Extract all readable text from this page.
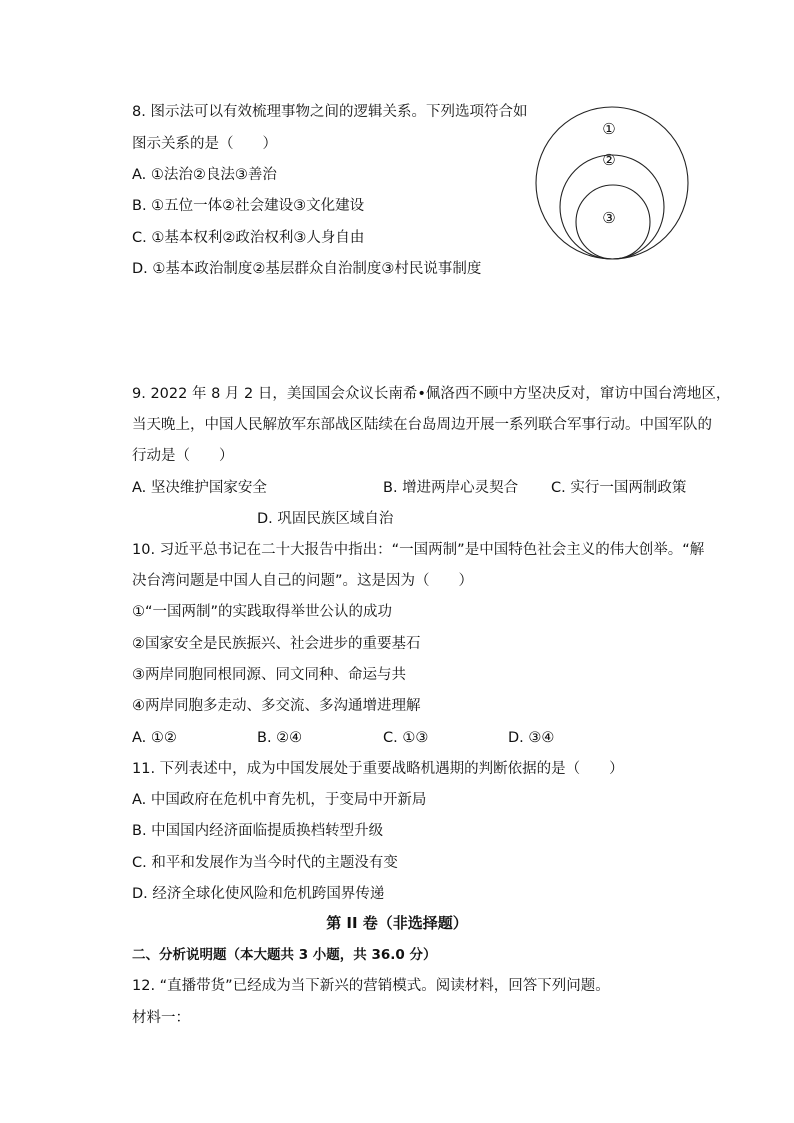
8. 图示法可以有效梳理事物之间的逻辑关系。下列选项符合如
图示关系的是（　　）
A. ①法治②良法③善治
B. ①五位一体②社会建设③文化建设
C. ①基本权利②政治权利③人身自由
D. ①基本政治制度②基层群众自治制度③村民说事制度
①
②
③
9. 2022 年 8 月 2 日，美国国会众议长南希•佩洛西不顾中方坚决反对，窜访中国台湾地区，
当天晚上，中国人民解放军东部战区陆续在台岛周边开展一系列联合军事行动。中国军队的
行动是（　　）
A. 坚决维护国家安全	B. 增进两岸心灵契合 C. 实行一国两制政策
D. 巩固民族区域自治
10. 习近平总书记在二十大报告中指出：“一国两制”是中国特色社会主义的伟大创举。“解
决台湾问题是中国人自己的问题”。这是因为（　　）
①“一国两制”的实践取得举世公认的成功
②国家安全是民族振兴、社会进步的重要基石
③两岸同胞同根同源、同文同种、命运与共
④两岸同胞多走动、多交流、多沟通增进理解
A. ①②	B. ②④	C. ①③	D. ③④
11. 下列表述中，成为中国发展处于重要战略机遇期的判断依据的是（　　）
A. 中国政府在危机中育先机，于变局中开新局
B. 中国国内经济面临提质换档转型升级
C. 和平和发展作为当今时代的主题没有变
D. 经济全球化使风险和危机跨国界传递
第 II 卷（非选择题）
二、分析说明题（本大题共 3 小题，共 36.0 分）
12. “直播带货”已经成为当下新兴的营销模式。阅读材料，回答下列问题。
材料一：
